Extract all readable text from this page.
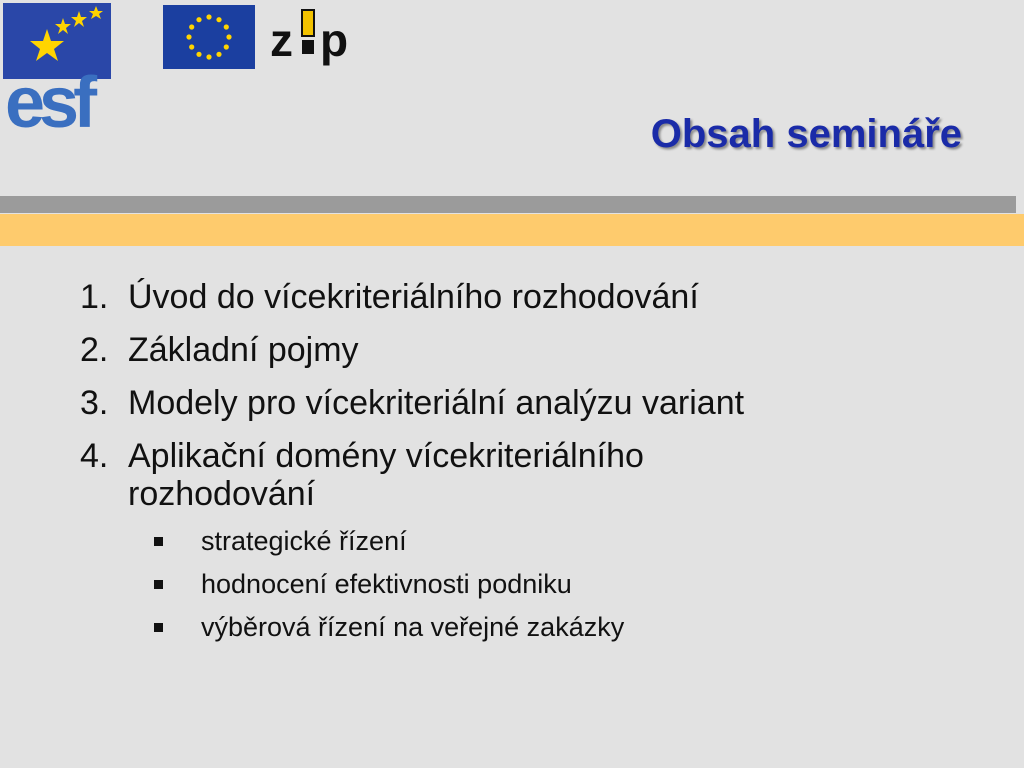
esf
z p
Obsah semináře
1. Úvod do vícekriteriálního rozhodování
2. Základní pojmy
3. Modely pro vícekriteriální analýzu variant
4. Aplikační domény vícekriteriálního rozhodování
strategické řízení
hodnocení efektivnosti podniku
výběrová řízení na veřejné zakázky
